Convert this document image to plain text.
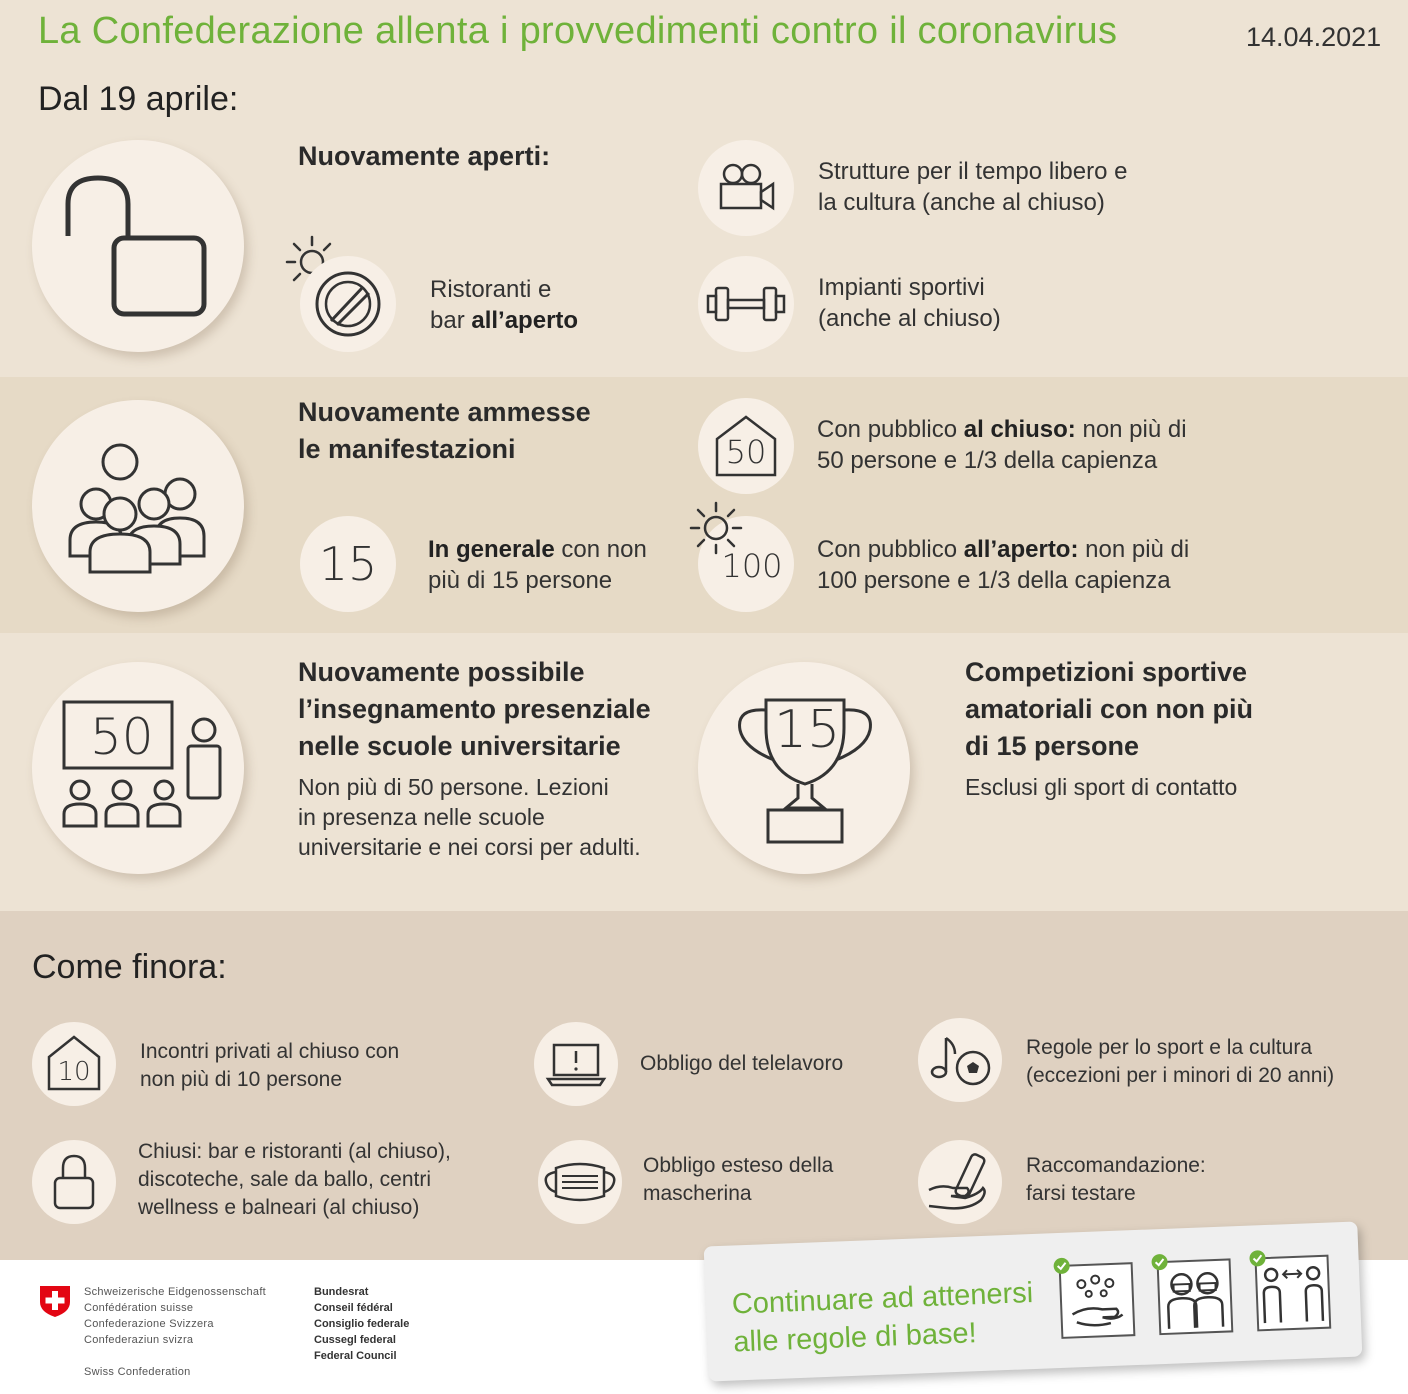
La Confederazione allenta i provvedimenti contro il coronavirus	14.04.2021
Dal 19 aprile:
Nuovamente aperti:
Ristoranti e
bar all’aperto
Strutture per il tempo libero e
la cultura (anche al chiuso)
Impianti sportivi
(anche al chiuso)
Nuovamente ammesse
le manifestazioni
15 In generale con non
più di 15 persone
50
Con pubblico al chiuso: non più di
50 persone e 1/3 della capienza
100 Con pubblico all’aperto: non più di
100 persone e 1/3 della capienza
50
Nuovamente possibile
l’insegnamento presenziale
nelle scuole universitarie
Non più di 50 persone. Lezioni
in presenza nelle scuole
universitarie e nei corsi per adulti.
15
Competizioni sportive
amatoriali con non più
di 15 persone
Esclusi gli sport di contatto
Come finora:
10
Incontri privati al chiuso con
non più di 10 persone
Obbligo del telelavoro
Regole per lo sport e la cultura
(eccezioni per i minori di 20 anni)
Chiusi: bar e ristoranti (al chiuso),
discoteche, sale da ballo, centri
wellness e balneari (al chiuso)
Obbligo esteso della
mascherina
Raccomandazione:
farsi testare
Schweizerische Eidgenossenschaft
Confédération suisse
Confederazione Svizzera
Confederaziun svizra
Swiss Confederation
Bundesrat
Conseil fédéral
Consiglio federale
Cussegl federal
Federal Council
Continuare ad attenersi
alle regole di base!
